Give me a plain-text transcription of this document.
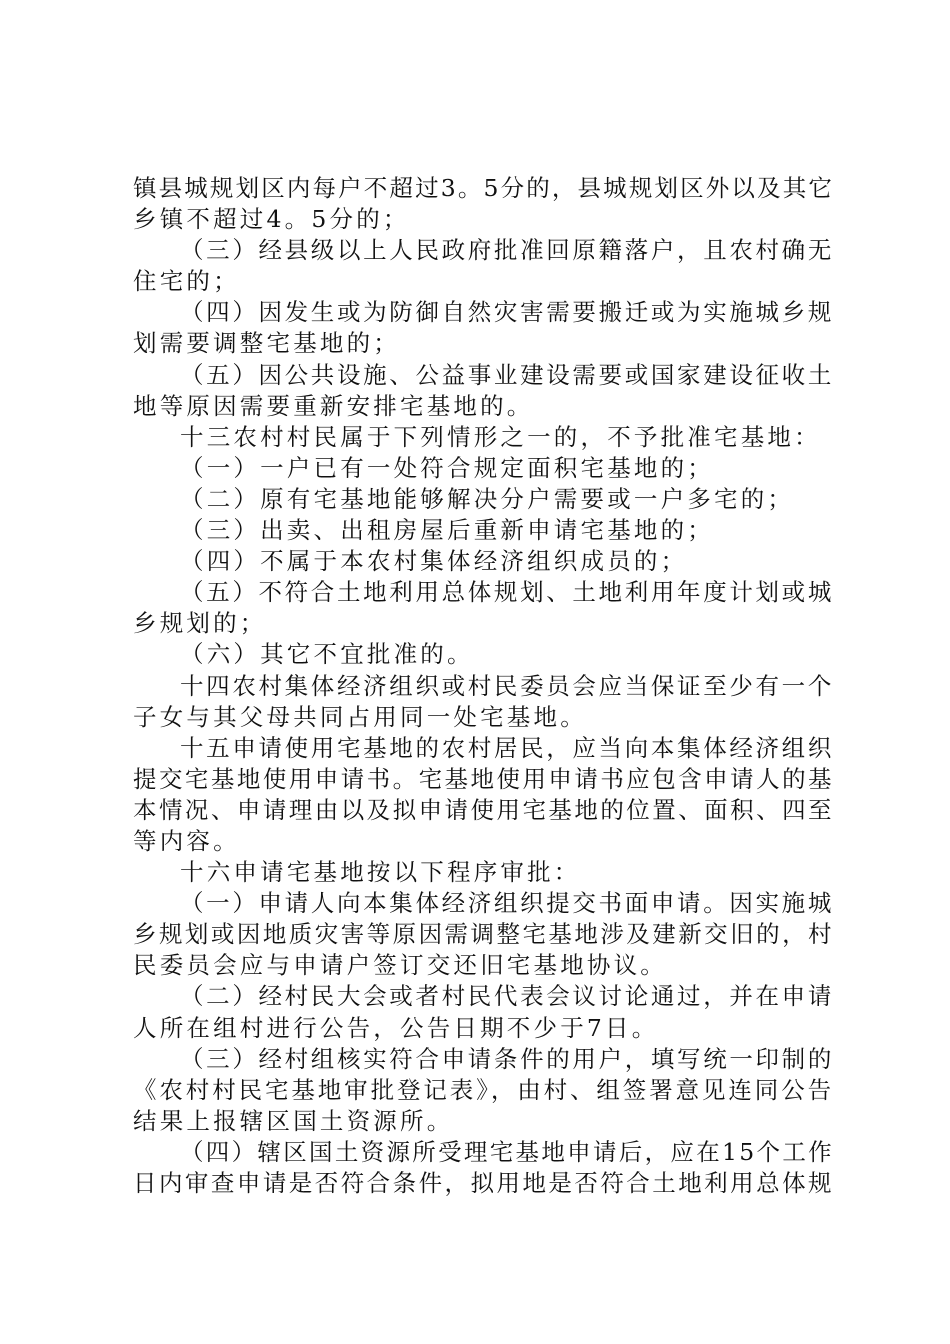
镇县城规划区内每户不超过3。5分的，县城规划区外以及其它
乡镇不超过4。5分的；
（三）经县级以上人民政府批准回原籍落户，且农村确无
住宅的；
（四）因发生或为防御自然灾害需要搬迁或为实施城乡规
划需要调整宅基地的；
（五）因公共设施、公益事业建设需要或国家建设征收土
地等原因需要重新安排宅基地的。
十三农村村民属于下列情形之一的，不予批准宅基地：
（一）一户已有一处符合规定面积宅基地的；
（二）原有宅基地能够解决分户需要或一户多宅的；
（三）出卖、出租房屋后重新申请宅基地的；
（四）不属于本农村集体经济组织成员的；
（五）不符合土地利用总体规划、土地利用年度计划或城
乡规划的；
（六）其它不宜批准的。
十四农村集体经济组织或村民委员会应当保证至少有一个
子女与其父母共同占用同一处宅基地。
十五申请使用宅基地的农村居民，应当向本集体经济组织
提交宅基地使用申请书。宅基地使用申请书应包含申请人的基
本情况、申请理由以及拟申请使用宅基地的位置、面积、四至
等内容。
十六申请宅基地按以下程序审批：
（一）申请人向本集体经济组织提交书面申请。因实施城
乡规划或因地质灾害等原因需调整宅基地涉及建新交旧的，村
民委员会应与申请户签订交还旧宅基地协议。
（二）经村民大会或者村民代表会议讨论通过，并在申请
人所在组村进行公告，公告日期不少于7日。
（三）经村组核实符合申请条件的用户，填写统一印制的
《农村村民宅基地审批登记表》，由村、组签署意见连同公告
结果上报辖区国土资源所。
（四）辖区国土资源所受理宅基地申请后，应在15个工作
日内审查申请是否符合条件，拟用地是否符合土地利用总体规
